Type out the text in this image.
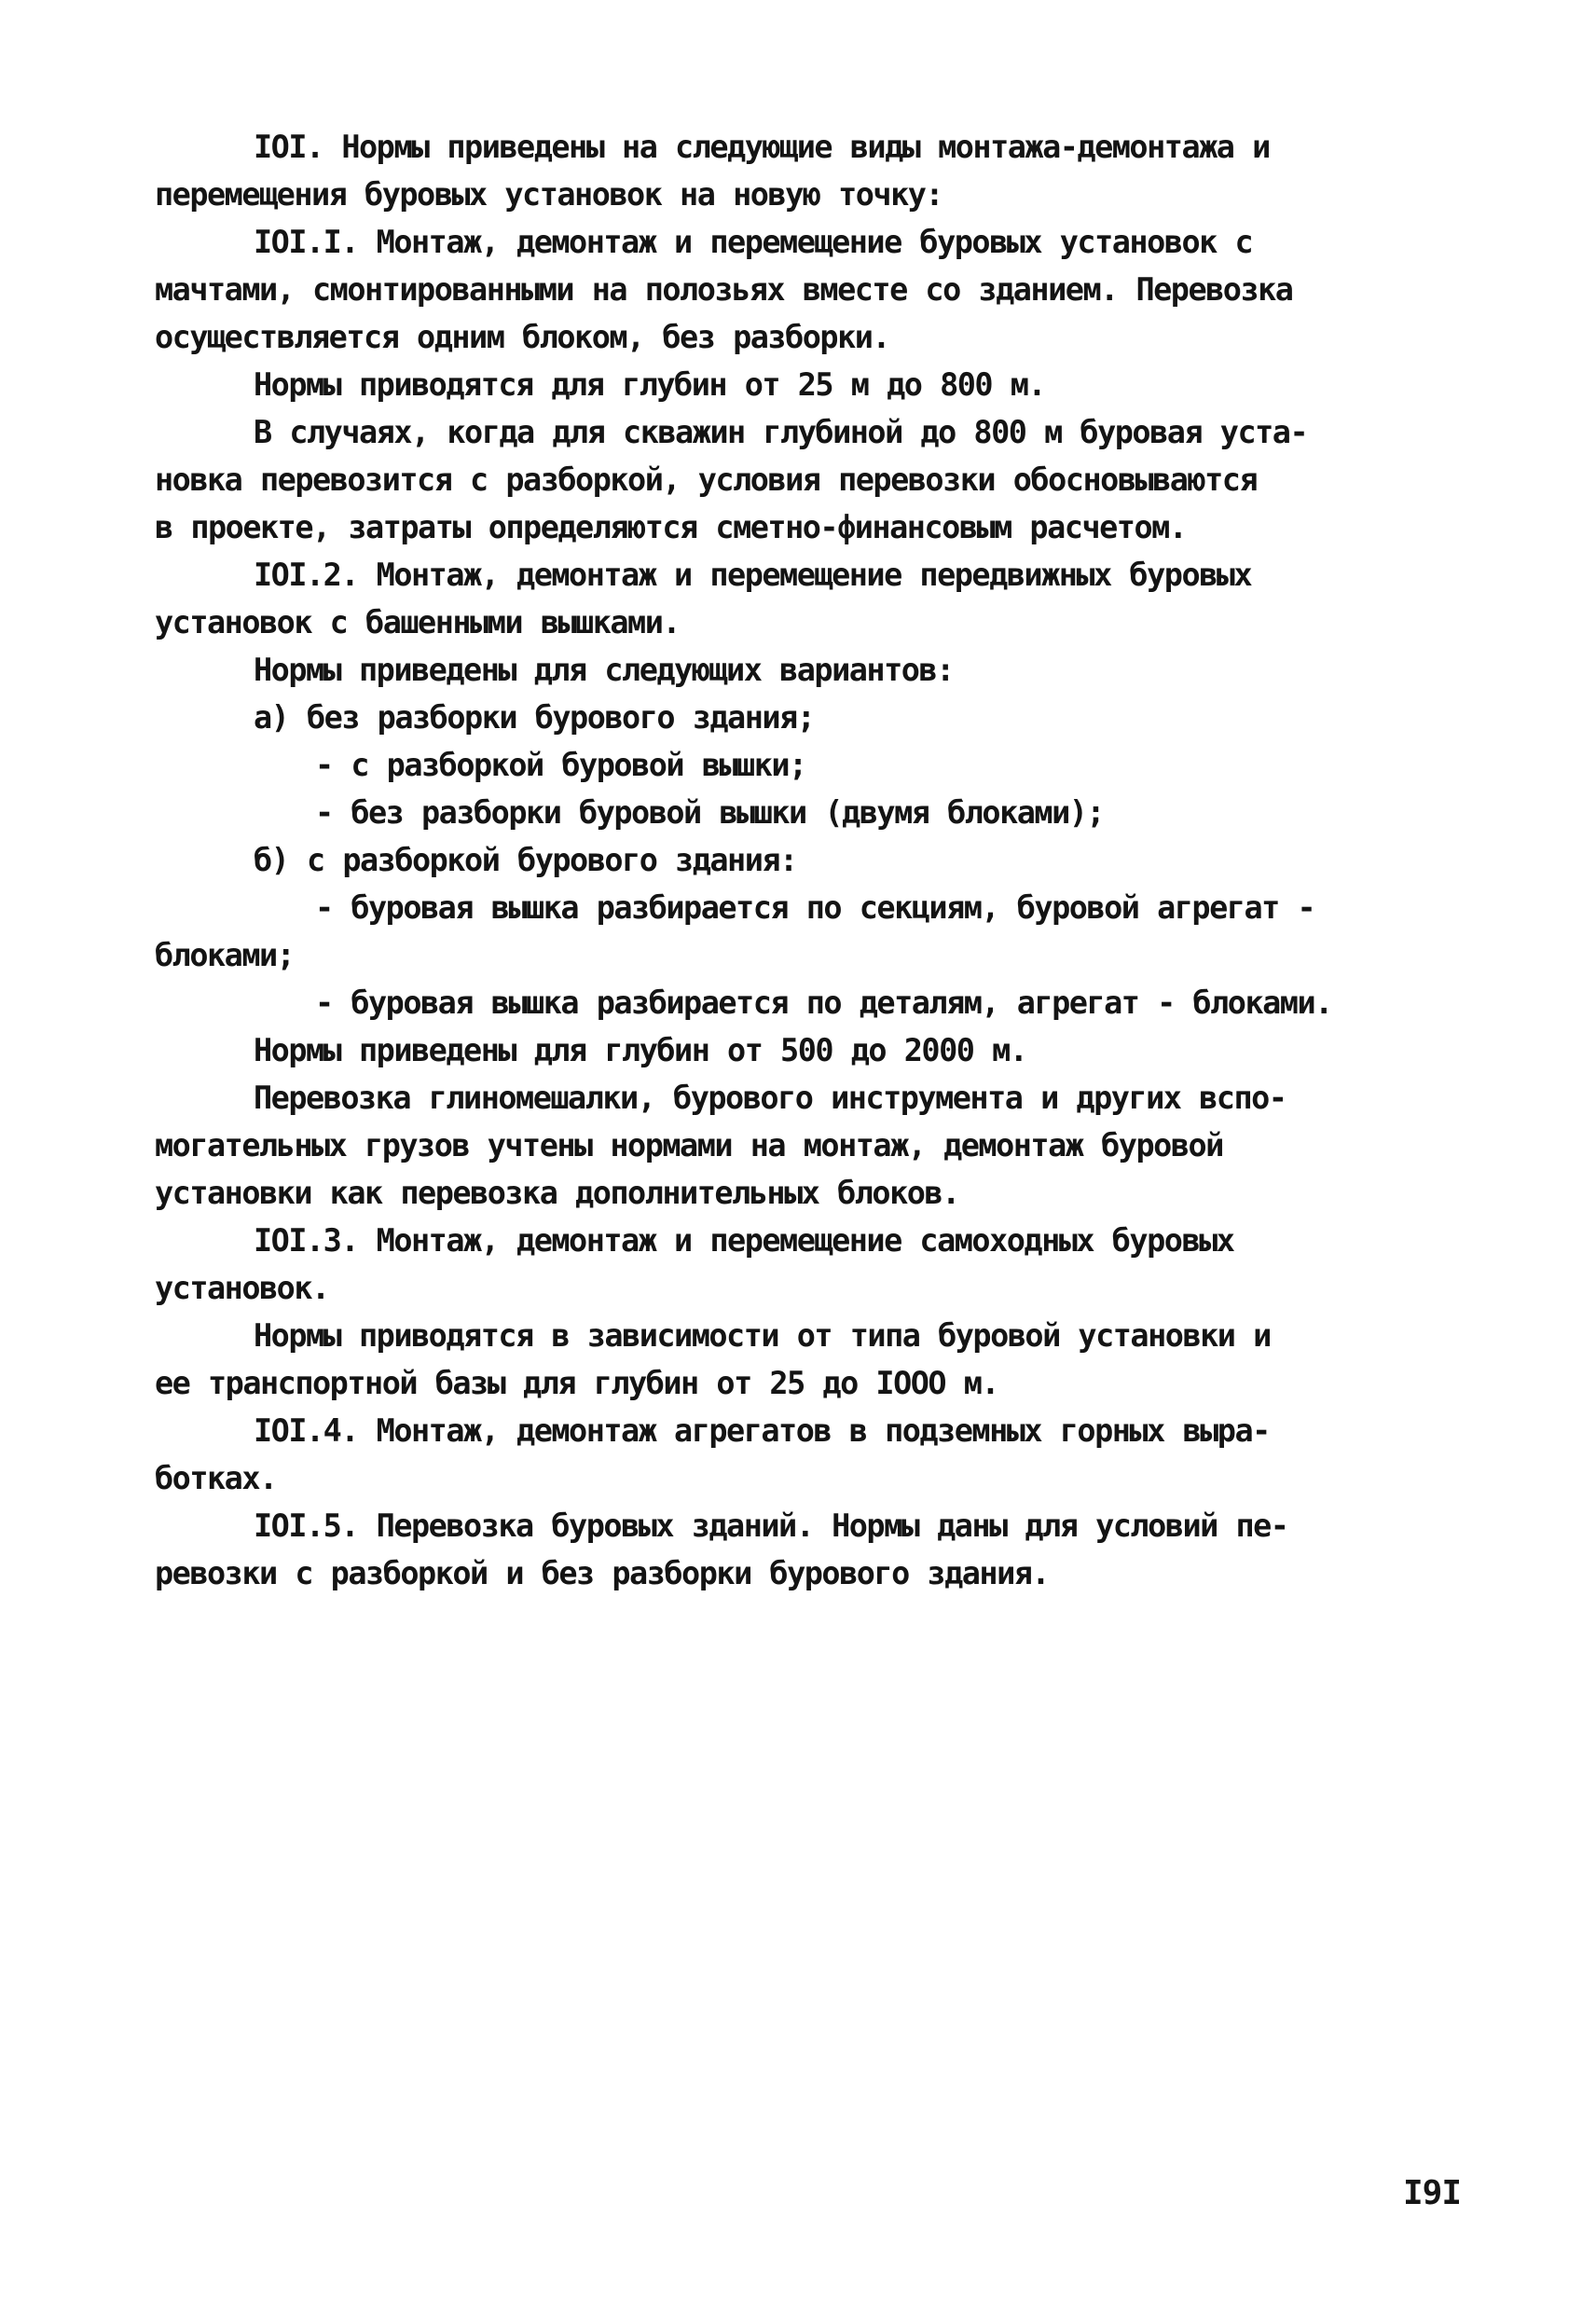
IOI. Нормы приведены на следующие виды монтажа-демонтажа и
перемещения буровых установок на новую точку:
IOI.I. Монтаж, демонтаж и перемещение буровых установок с
мачтами, смонтированными на полозьях вместе со зданием. Перевозка
осуществляется одним блоком, без разборки.
Нормы приводятся для глубин от 25 м до 800 м.
В случаях, когда для скважин глубиной до 800 м буровая уста-
новка перевозится с разборкой, условия перевозки обосновываются
в проекте, затраты определяются сметно-финансовым расчетом.
IOI.2. Монтаж, демонтаж и перемещение передвижных буровых
установок с башенными вышками.
Нормы приведены для следующих вариантов:
а) без разборки бурового здания;
- с разборкой буровой вышки;
- без разборки буровой вышки (двумя блоками);
б) с разборкой бурового здания:
- буровая вышка разбирается по секциям, буровой агрегат -
блоками;
- буровая вышка разбирается по деталям, агрегат - блоками.
Нормы приведены для глубин от 500 до 2000 м.
Перевозка глиномешалки, бурового инструмента и других вспо-
могательных грузов учтены нормами на монтаж, демонтаж буровой
установки как перевозка дополнительных блоков.
IOI.3. Монтаж, демонтаж и перемещение самоходных буровых
установок.
Нормы приводятся в зависимости от типа буровой установки и
ее транспортной базы для глубин от 25 до IOOO м.
IOI.4. Монтаж, демонтаж агрегатов в подземных горных выра-
ботках.
IOI.5. Перевозка буровых зданий. Нормы даны для условий пе-
ревозки с разборкой и без разборки бурового здания.
I9I
